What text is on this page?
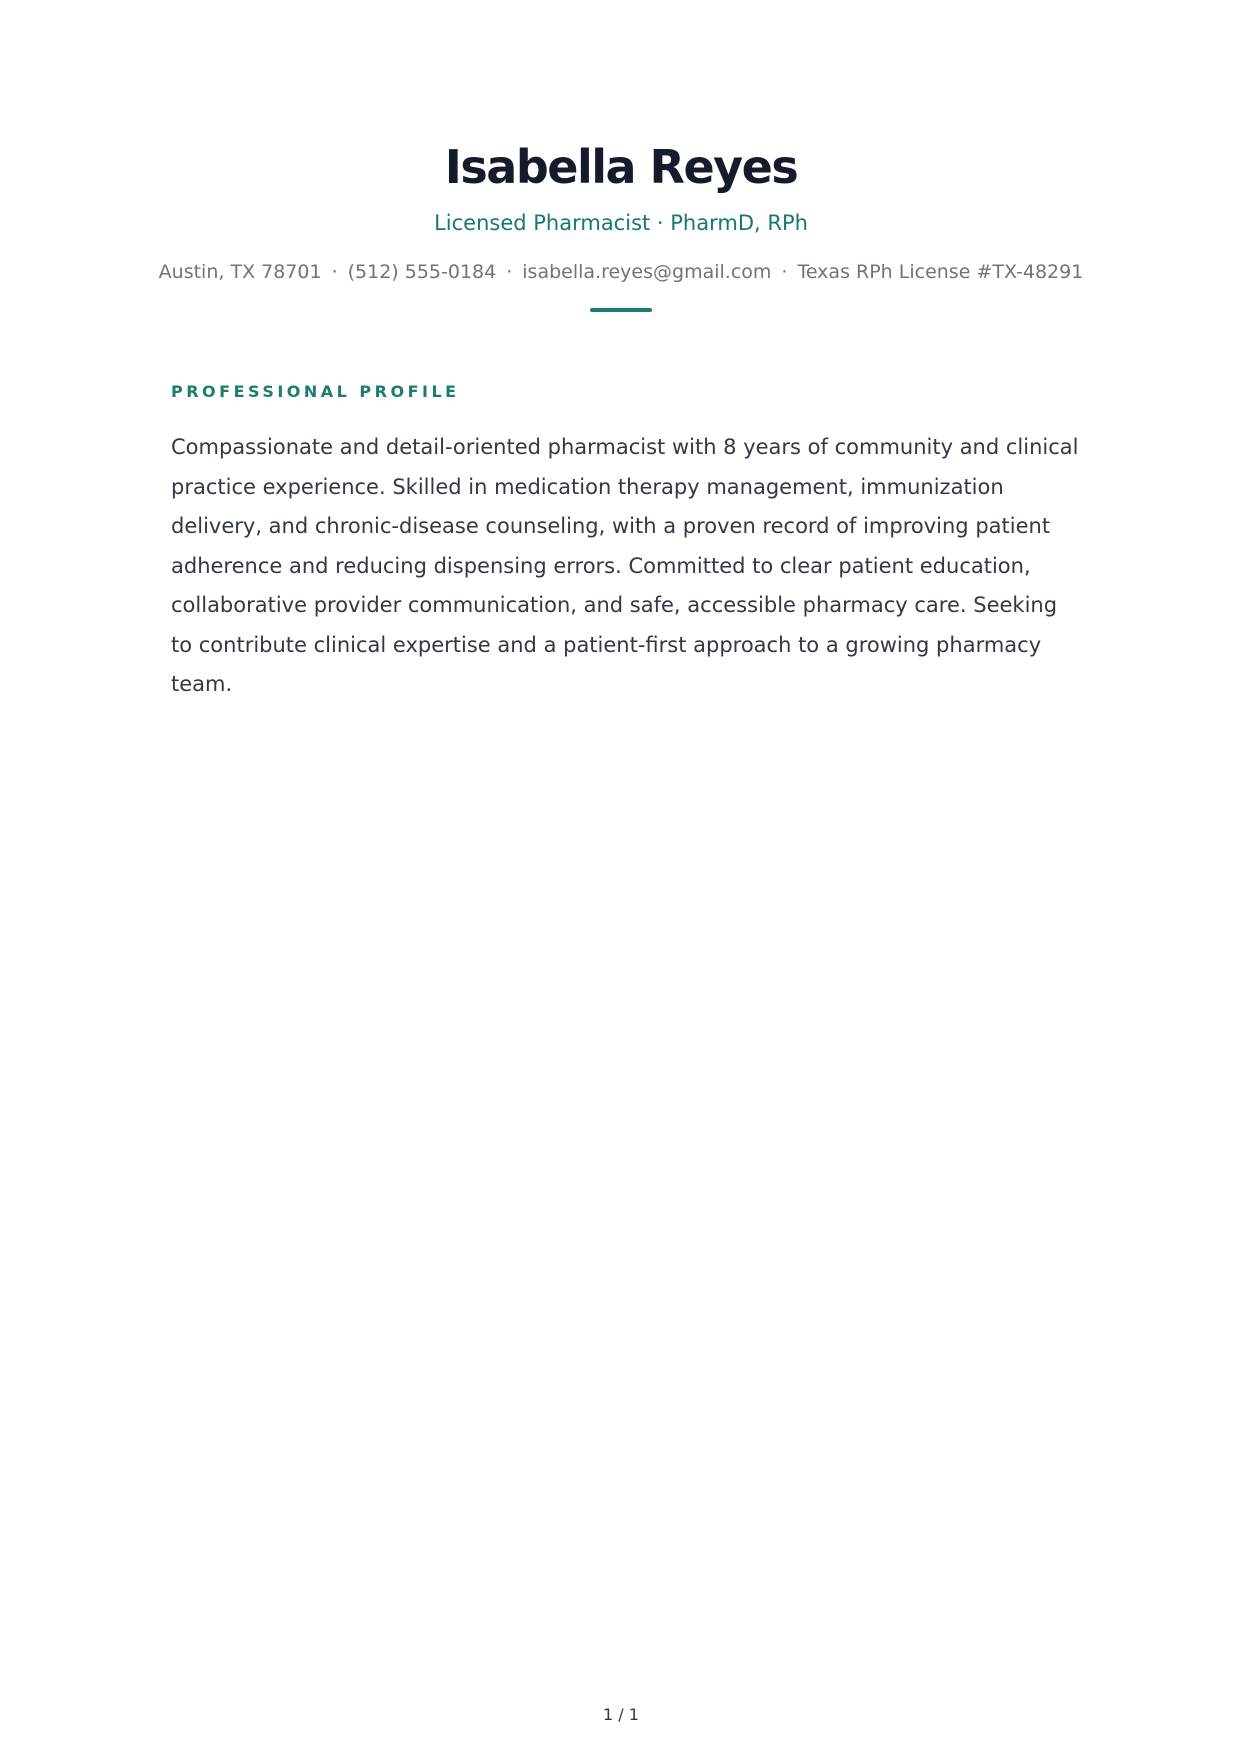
Isabella Reyes
Licensed Pharmacist · PharmD, RPh
Austin, TX 78701 · (512) 555-0184 · isabella.reyes@gmail.com · Texas RPh License #TX-48291
PROFESSIONAL PROFILE

Compassionate and detail-oriented pharmacist with 8 years of community and clinical practice experience. Skilled in medication therapy management, immunization delivery, and chronic-disease counseling, with a proven record of improving patient adherence and reducing dispensing errors. Committed to clear patient education, collaborative provider communication, and safe, accessible pharmacy care. Seeking to contribute clinical expertise and a patient-first approach to a growing pharmacy team.

1 / 1
